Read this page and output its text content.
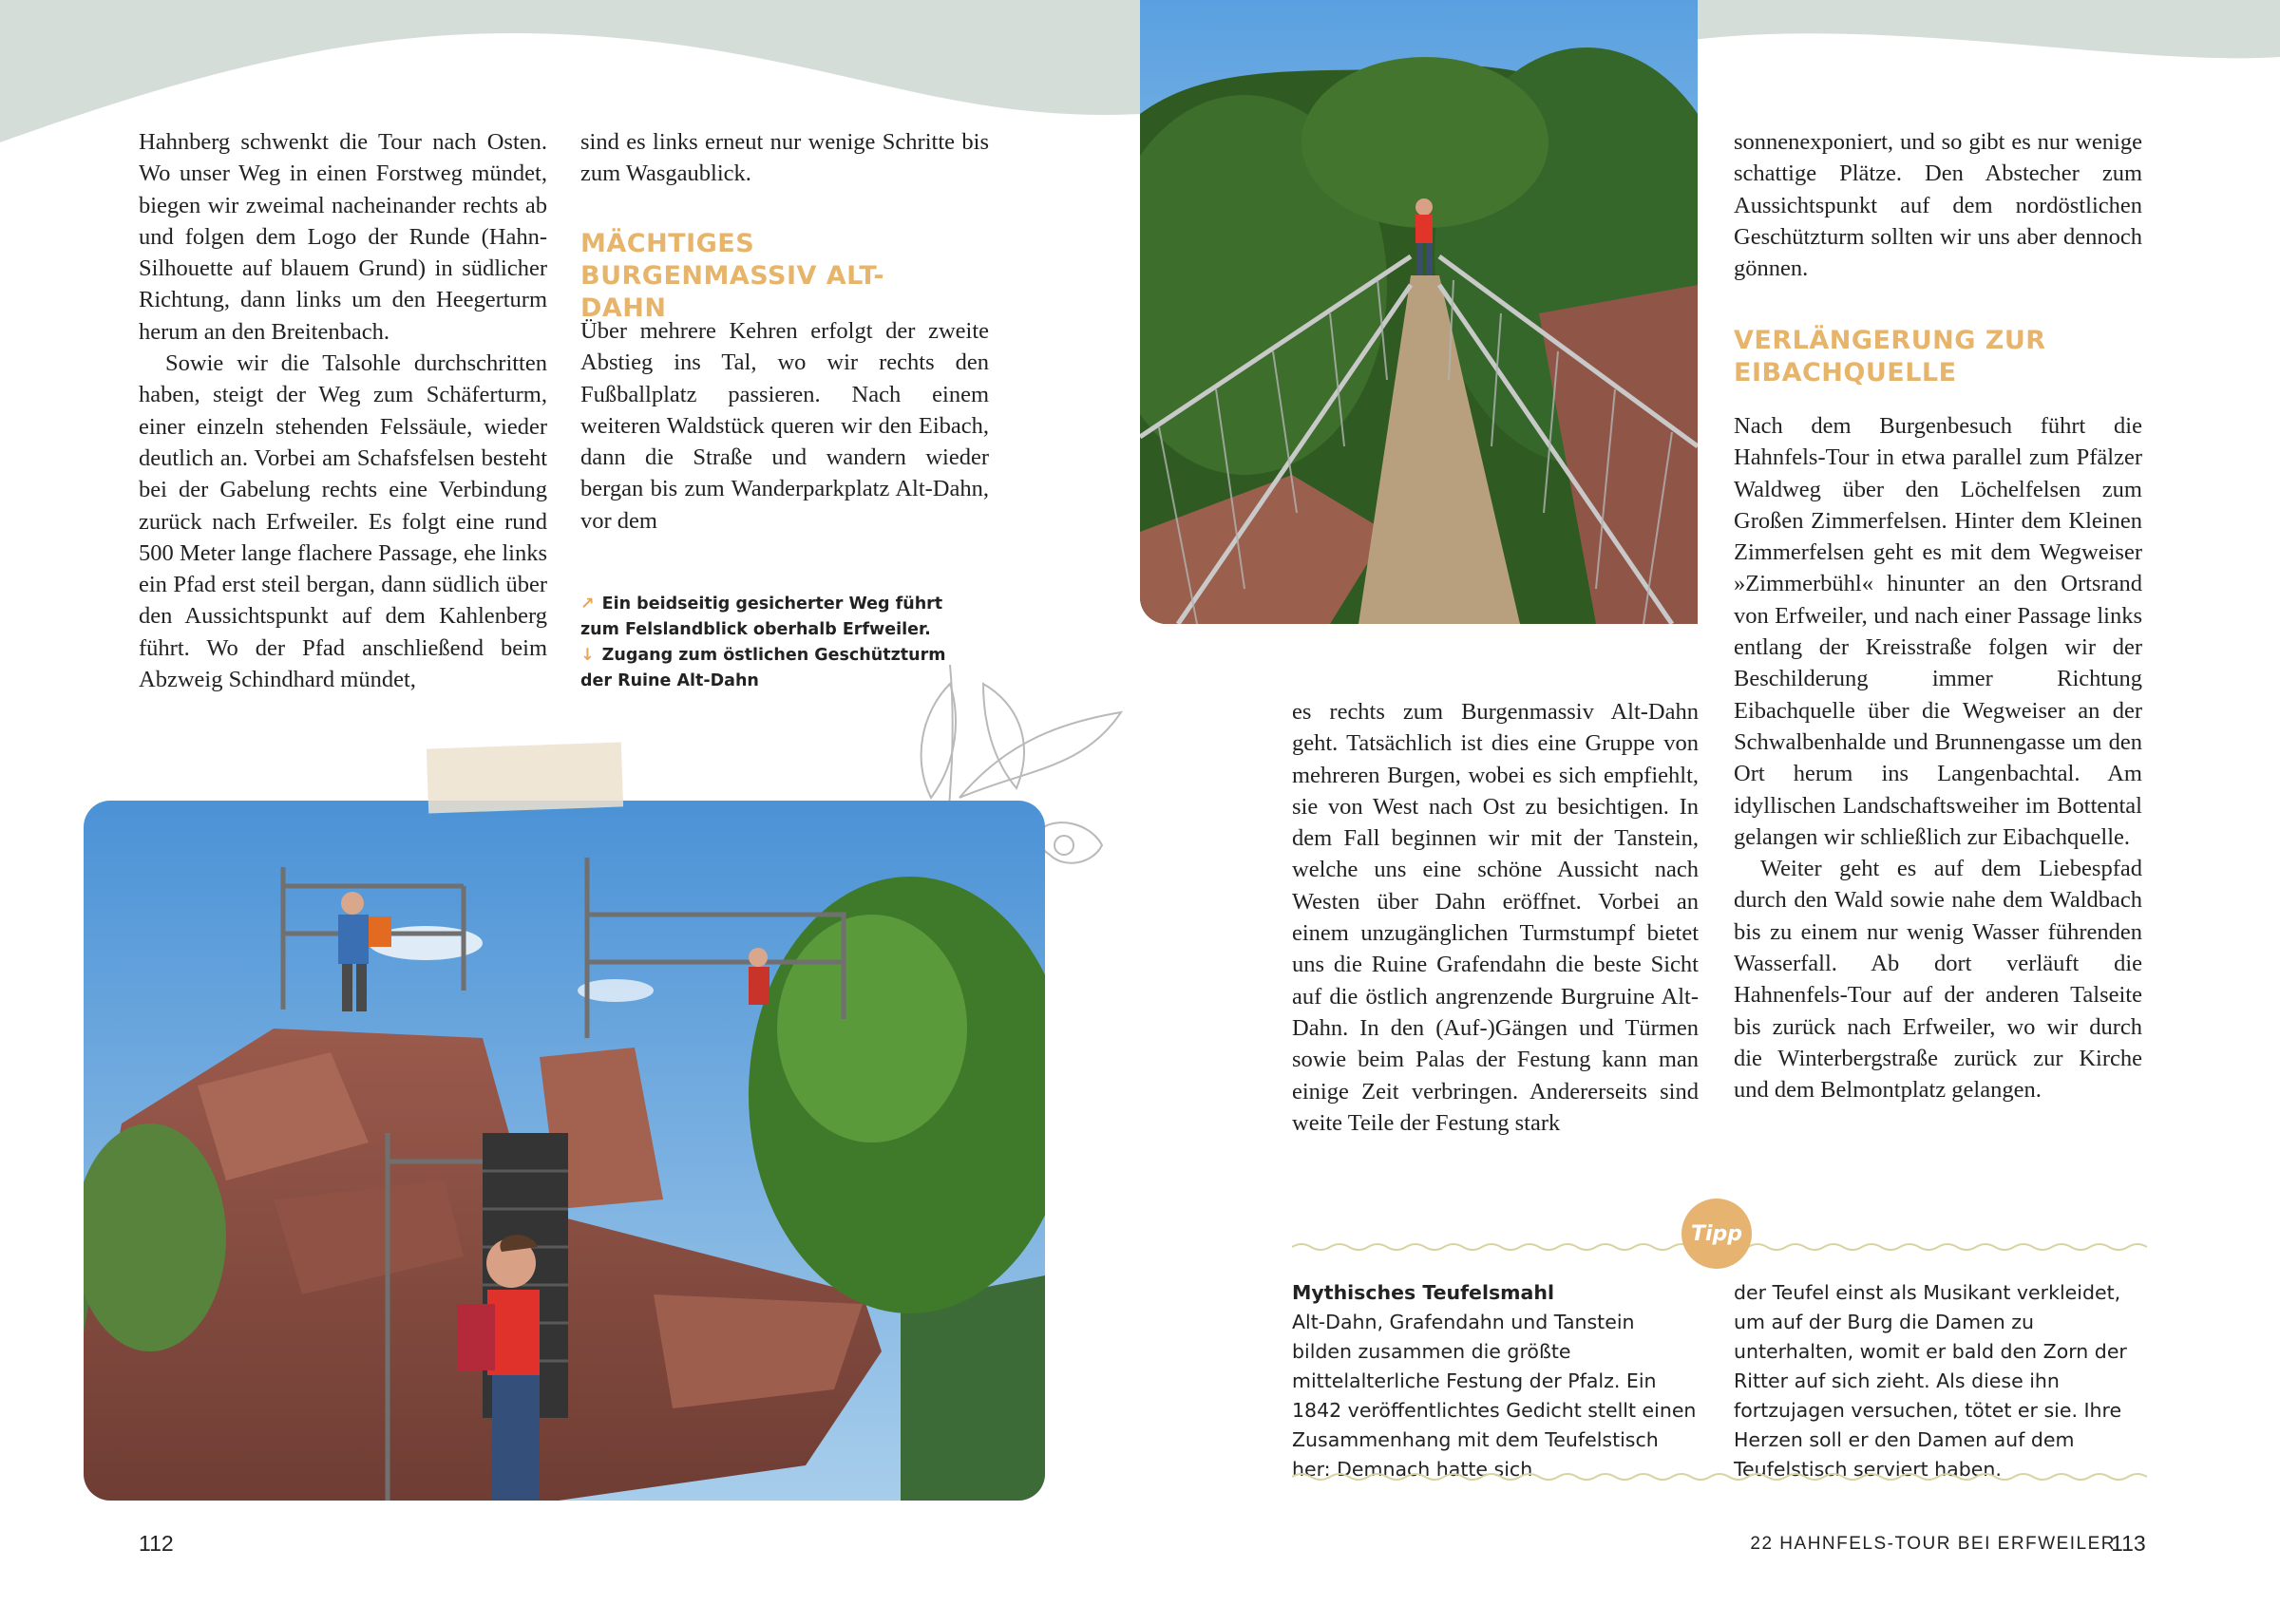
Hahnberg schwenkt die Tour nach Osten. Wo unser Weg in einen Forstweg mündet, biegen wir zweimal nacheinander rechts ab und folgen dem Logo der Runde (Hahn-Silhouette auf blauem Grund) in südlicher Richtung, dann links um den Heegerturm herum an den Breitenbach.

Sowie wir die Talsohle durchschritten haben, steigt der Weg zum Schäferturm, einer einzeln stehenden Felssäule, wieder deutlich an. Vorbei am Schafsfelsen besteht bei der Gabelung rechts eine Verbindung zurück nach Erfweiler. Es folgt eine rund 500 Meter lange flachere Passage, ehe links ein Pfad erst steil bergan, dann südlich über den Aussichtspunkt auf dem Kahlenberg führt. Wo der Pfad anschließend beim Abzweig Schindhard mündet,

sind es links erneut nur wenige Schritte bis zum Wasgaublick.

MÄCHTIGES BURGENMASSIV ALT-DAHN

Über mehrere Kehren erfolgt der zweite Abstieg ins Tal, wo wir rechts den Fußballplatz passieren. Nach einem weiteren Waldstück queren wir den Eibach, dann die Straße und wandern wieder bergan bis zum Wanderparkplatz Alt-Dahn, vor dem

↗ Ein beidseitig gesicherter Weg führt zum Felslandblick oberhalb Erfweiler.
↓ Zugang zum östlichen Geschützturm der Ruine Alt-Dahn
112

es rechts zum Burgenmassiv Alt-Dahn geht. Tatsächlich ist dies eine Gruppe von mehreren Burgen, wobei es sich empfiehlt, sie von West nach Ost zu besichtigen. In dem Fall beginnen wir mit der Tanstein, welche uns eine schöne Aussicht nach Westen über Dahn eröffnet. Vorbei an einem unzugänglichen Turmstumpf bietet uns die Ruine Grafendahn die beste Sicht auf die östlich angrenzende Burgruine Alt-Dahn. In den (Auf-)Gängen und Türmen sowie beim Palas der Festung kann man einige Zeit verbringen. Andererseits sind weite Teile der Festung stark

sonnenexponiert, und so gibt es nur wenige schattige Plätze. Den Abstecher zum Aussichtspunkt auf dem nordöstlichen Geschützturm sollten wir uns aber dennoch gönnen.

VERLÄNGERUNG ZUR EIBACHQUELLE

Nach dem Burgenbesuch führt die Hahnfels-Tour in etwa parallel zum Pfälzer Waldweg über den Löchelfelsen zum Großen Zimmerfelsen. Hinter dem Kleinen Zimmerfelsen geht es mit dem Wegweiser »Zimmerbühl« hinunter an den Ortsrand von Erfweiler, und nach einer Passage links entlang der Kreisstraße folgen wir der Beschilderung immer Richtung Eibachquelle über die Wegweiser an der Schwalbenhalde und Brunnengasse um den Ort herum ins Langenbachtal. Am idyllischen Landschaftsweiher im Bottental gelangen wir schließlich zur Eibachquelle.

Weiter geht es auf dem Liebespfad durch den Wald sowie nahe dem Waldbach bis zu einem nur wenig Wasser führenden Wasserfall. Ab dort verläuft die Hahnenfels-Tour auf der anderen Talseite bis zurück nach Erfweiler, wo wir durch die Winterbergstraße zurück zur Kirche und dem Belmontplatz gelangen.

Tipp
Mythisches Teufelsmahl
Alt-Dahn, Grafendahn und Tanstein bilden zusammen die größte mittelalterliche Festung der Pfalz. Ein 1842 veröffentlichtes Gedicht stellt einen Zusammenhang mit dem Teufelstisch her: Demnach hatte sich
der Teufel einst als Musikant verkleidet, um auf der Burg die Damen zu unterhalten, womit er bald den Zorn der Ritter auf sich zieht. Als diese ihn fortzujagen versuchen, tötet er sie. Ihre Herzen soll er den Damen auf dem Teufelstisch serviert haben.
22 HAHNFELS-TOUR BEI ERFWEILER
113
